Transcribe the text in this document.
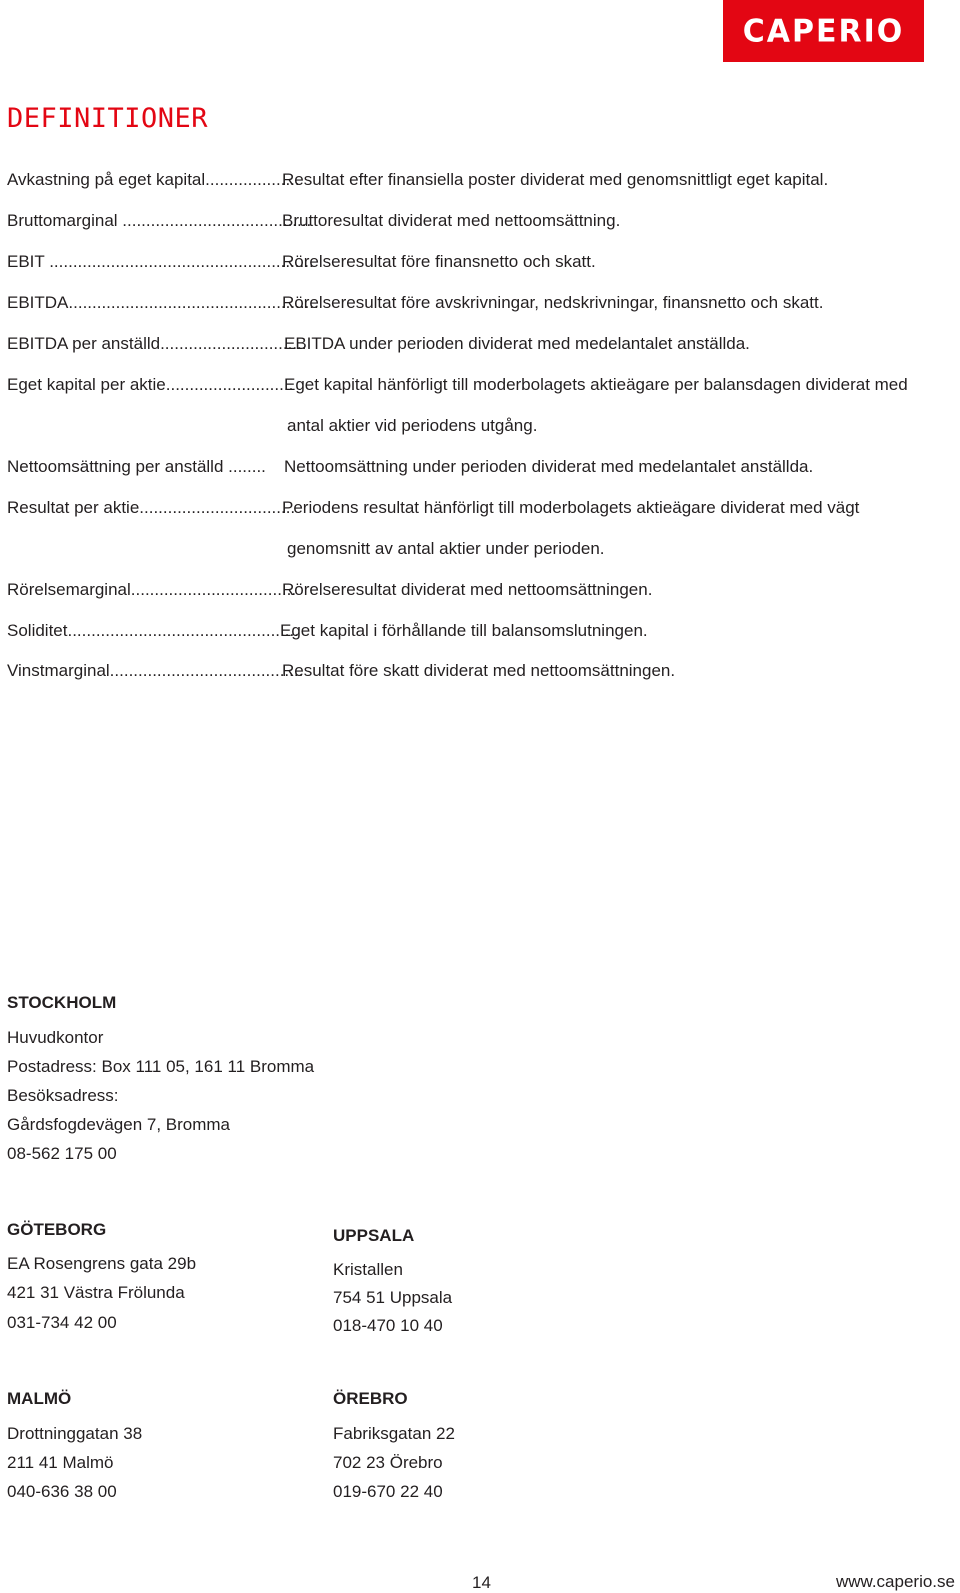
CAPERIO
DEFINITIONER
Avkastning på eget kapital....................
Resultat efter finansiella poster dividerat med genomsnittligt eget kapital.
Bruttomarginal ........................................
Bruttoresultat dividerat med nettoomsättning.
EBIT ........................................................
Rörelseresultat före finansnetto och skatt.
EBITDA.....................................................
Rörelseresultat före avskrivningar, nedskrivningar, finansnetto och skatt.
EBITDA per anställd...............................
EBITDA under perioden dividerat med medelantalet anställda.
Eget kapital per aktie...........................
Eget kapital hänförligt till moderbolagets aktieägare per balansdagen dividerat med
antal aktier vid periodens utgång.
Nettoomsättning per anställd ........ Nettoomsättning under perioden dividerat med medelantalet anställda.
Resultat per aktie.................................
Periodens resultat hänförligt till moderbolagets aktieägare dividerat med vägt
genomsnitt av antal aktier under perioden.
Rörelsemarginal...................................
Rörelseresultat dividerat med nettoomsättningen.
Soliditet.................................................
Eget kapital i förhållande till balansomslutningen.
Vinstmarginal.........................................
Resultat före skatt dividerat med nettoomsättningen.
STOCKHOLM
Huvudkontor
Postadress: Box 111 05, 161 11 Bromma
Besöksadress:
Gårdsfogdevägen 7, Bromma
08-562 175 00
GÖTEBORG
EA Rosengrens gata 29b
421 31 Västra Frölunda
031-734 42 00
UPPSALA
Kristallen
754 51 Uppsala
018-470 10 40
MALMÖ
Drottninggatan 38
211 41 Malmö
040-636 38 00
ÖREBRO
Fabriksgatan 22
702 23 Örebro
019-670 22 40
14	www.caperio.se
